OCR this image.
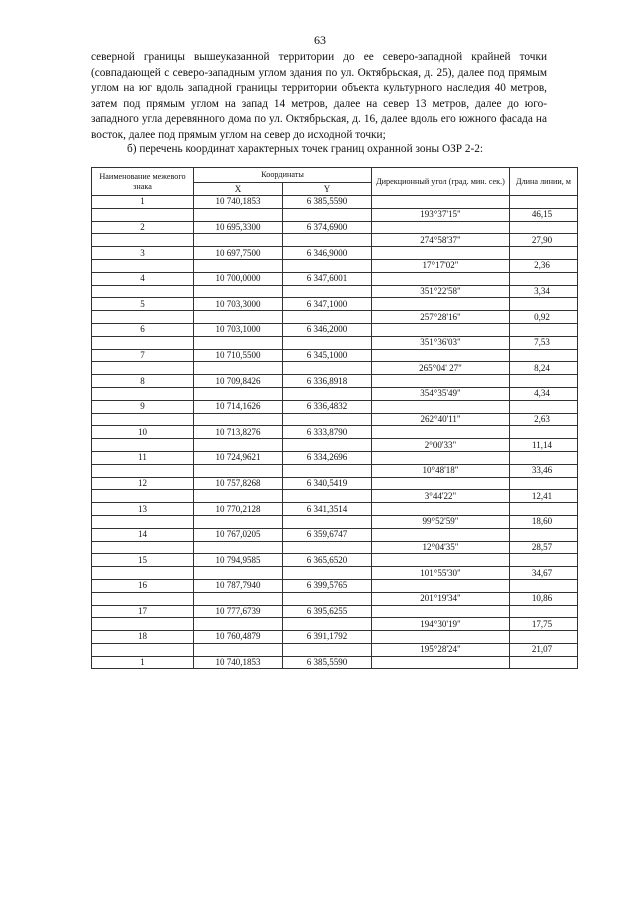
63

северной границы вышеуказанной территории до ее северо-западной крайней точки (совпадающей с северо-западным углом здания по ул. Октябрьская, д. 25), далее под прямым углом на юг вдоль западной границы территории объекта культурного наследия 40 метров, затем под прямым углом на запад 14 метров, далее на север 13 метров, далее до юго-западного угла деревянного дома по ул. Октябрьская, д. 16, далее вдоль его южного фасада на восток, далее под прямым углом на север до исходной точки;

б) перечень координат характерных точек границ охранной зоны ОЗР 2-2:

Наименование межевого знака	Координаты		Дирекционный угол (град. мин. сек.)	Длина линии, м
	X	Y		
1	10 740,1853	6 385,5590		
			193°37'15"	46,15
2	10 695,3300	6 374,6900		
			274°58'37"	27,90
3	10 697,7500	6 346,9000		
			17°17'02"	2,36
4	10 700,0000	6 347,6001		
			351°22'58"	3,34
5	10 703,3000	6 347,1000		
			257°28'16"	0,92
6	10 703,1000	6 346,2000		
			351°36'03"	7,53
7	10 710,5500	6 345,1000		
			265°04' 27"	8,24
8	10 709,8426	6 336,8918		
			354°35'49"	4,34
9	10 714,1626	6 336,4832		
			262°40'11"	2,63
10	10 713,8276	6 333,8790		
			2°00'33"	11,14
11	10 724,9621	6 334,2696		
			10°48'18"	33,46
12	10 757,8268	6 340,5419		
			3°44'22"	12,41
13	10 770,2128	6 341,3514		
			99°52'59"	18,60
14	10 767,0205	6 359,6747		
			12°04'35"	28,57
15	10 794,9585	6 365,6520		
			101°55'30"	34,67
16	10 787,7940	6 399,5765		
			201°19'34"	10,86
17	10 777,6739	6 395,6255		
			194°30'19"	17,75
18	10 760,4879	6 391,1792		
			195°28'24"	21,07
1	10 740,1853	6 385,5590		
